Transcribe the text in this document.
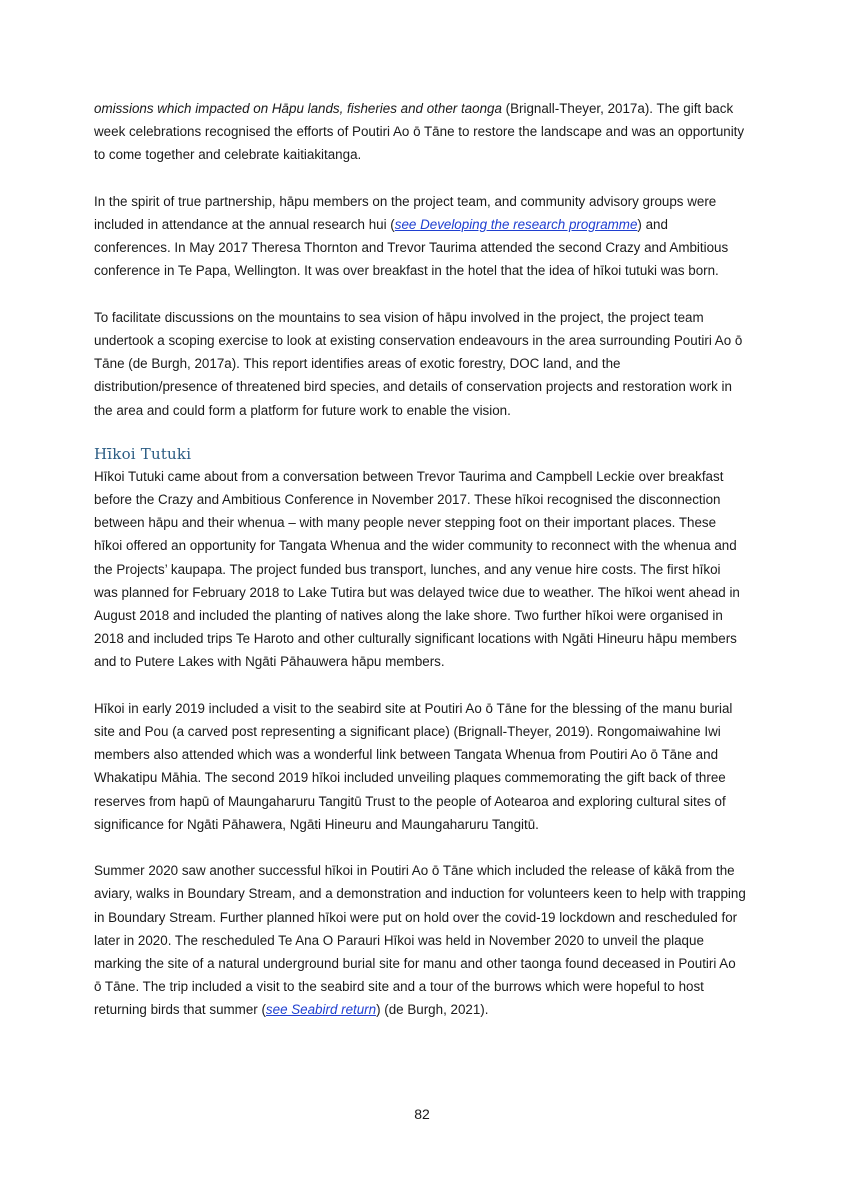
omissions which impacted on Hāpu lands, fisheries and other taonga (Brignall-Theyer, 2017a). The gift back week celebrations recognised the efforts of Poutiri Ao ō Tāne to restore the landscape and was an opportunity to come together and celebrate kaitiakitanga.

In the spirit of true partnership, hāpu members on the project team, and community advisory groups were included in attendance at the annual research hui (see Developing the research programme) and conferences. In May 2017 Theresa Thornton and Trevor Taurima attended the second Crazy and Ambitious conference in Te Papa, Wellington. It was over breakfast in the hotel that the idea of hīkoi tutuki was born.

To facilitate discussions on the mountains to sea vision of hāpu involved in the project, the project team undertook a scoping exercise to look at existing conservation endeavours in the area surrounding Poutiri Ao ō Tāne (de Burgh, 2017a). This report identifies areas of exotic forestry, DOC land, and the distribution/presence of threatened bird species, and details of conservation projects and restoration work in the area and could form a platform for future work to enable the vision.

Hīkoi Tutuki

Hīkoi Tutuki came about from a conversation between Trevor Taurima and Campbell Leckie over breakfast before the Crazy and Ambitious Conference in November 2017. These hīkoi recognised the disconnection between hāpu and their whenua – with many people never stepping foot on their important places. These hīkoi offered an opportunity for Tangata Whenua and the wider community to reconnect with the whenua and the Projects’ kaupapa. The project funded bus transport, lunches, and any venue hire costs. The first hīkoi was planned for February 2018 to Lake Tutira but was delayed twice due to weather. The hīkoi went ahead in August 2018 and included the planting of natives along the lake shore. Two further hīkoi were organised in 2018 and included trips Te Haroto and other culturally significant locations with Ngāti Hineuru hāpu members and to Putere Lakes with Ngāti Pāhauwera hāpu members.

Hīkoi in early 2019 included a visit to the seabird site at Poutiri Ao ō Tāne for the blessing of the manu burial site and Pou (a carved post representing a significant place) (Brignall-Theyer, 2019). Rongomaiwahine Iwi members also attended which was a wonderful link between Tangata Whenua from Poutiri Ao ō Tāne and Whakatipu Māhia. The second 2019 hīkoi included unveiling plaques commemorating the gift back of three reserves from hapū of Maungaharuru Tangitū Trust to the people of Aotearoa and exploring cultural sites of significance for Ngāti Pāhawera, Ngāti Hineuru and Maungaharuru Tangitū.

Summer 2020 saw another successful hīkoi in Poutiri Ao ō Tāne which included the release of kākā from the aviary, walks in Boundary Stream, and a demonstration and induction for volunteers keen to help with trapping in Boundary Stream. Further planned hīkoi were put on hold over the covid-19 lockdown and rescheduled for later in 2020. The rescheduled Te Ana O Parauri Hīkoi was held in November 2020 to unveil the plaque marking the site of a natural underground burial site for manu and other taonga found deceased in Poutiri Ao ō Tāne. The trip included a visit to the seabird site and a tour of the burrows which were hopeful to host returning birds that summer (see Seabird return) (de Burgh, 2021).

82
